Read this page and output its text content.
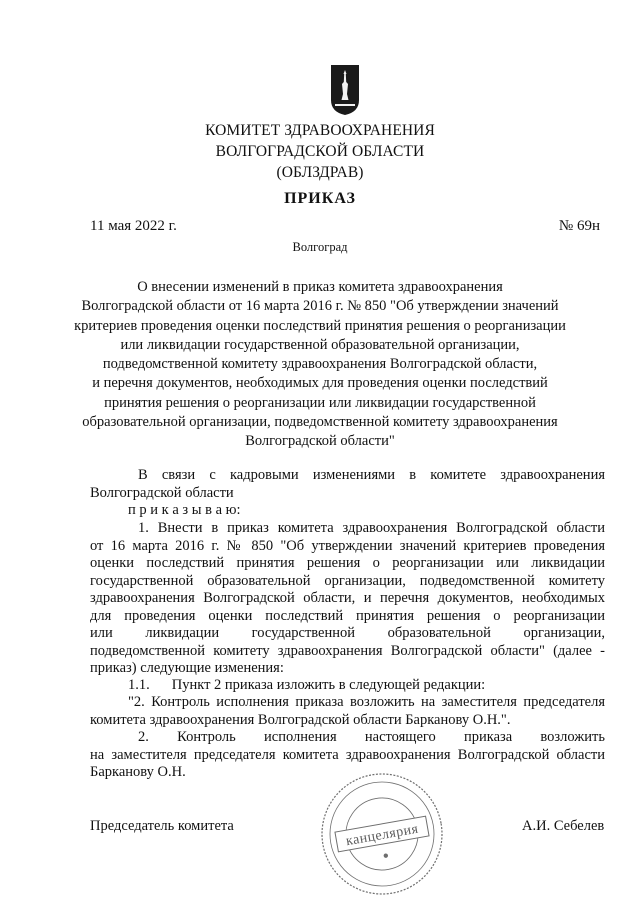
КОМИТЕТ ЗДРАВООХРАНЕНИЯ
ВОЛГОГРАДСКОЙ ОБЛАСТИ
(ОБЛЗДРАВ)
ПРИКАЗ
11 мая 2022 г.	№ 69н
Волгоград
О внесении изменений в приказ комитета здравоохранения
Волгоградской области от 16 марта 2016 г. № 850 "Об утверждении значений
критериев проведения оценки последствий принятия решения о реорганизации
или ликвидации государственной образовательной организации,
подведомственной комитету здравоохранения Волгоградской области,
и перечня документов, необходимых для проведения оценки последствий
принятия решения о реорганизации или ликвидации государственной
образовательной организации, подведомственной комитету здравоохранения
Волгоградской области"
В связи с кадровыми изменениями в комитете здравоохранения
Волгоградской области
п р и к а з ы в а ю:
1. Внести в приказ комитета здравоохранения Волгоградской области
от 16 марта 2016 г. № 850 "Об утверждении значений критериев проведения
оценки последствий принятия решения о реорганизации или ликвидации
государственной образовательной организации, подведомственной комитету
здравоохранения Волгоградской области, и перечня документов, необходимых
для проведения оценки последствий принятия решения о реорганизации
или ликвидации государственной образовательной организации,
подведомственной комитету здравоохранения Волгоградской области" (далее -
приказ) следующие изменения:
1.1. Пункт 2 приказа изложить в следующей редакции:
"2. Контроль исполнения приказа возложить на заместителя председателя
комитета здравоохранения Волгоградской области Барканову О.Н.".
2. Контроль исполнения настоящего приказа возложить
на заместителя председателя комитета здравоохранения Волгоградской области
Барканову О.Н.
Председатель комитета	А.И. Себелев
канцелярия
